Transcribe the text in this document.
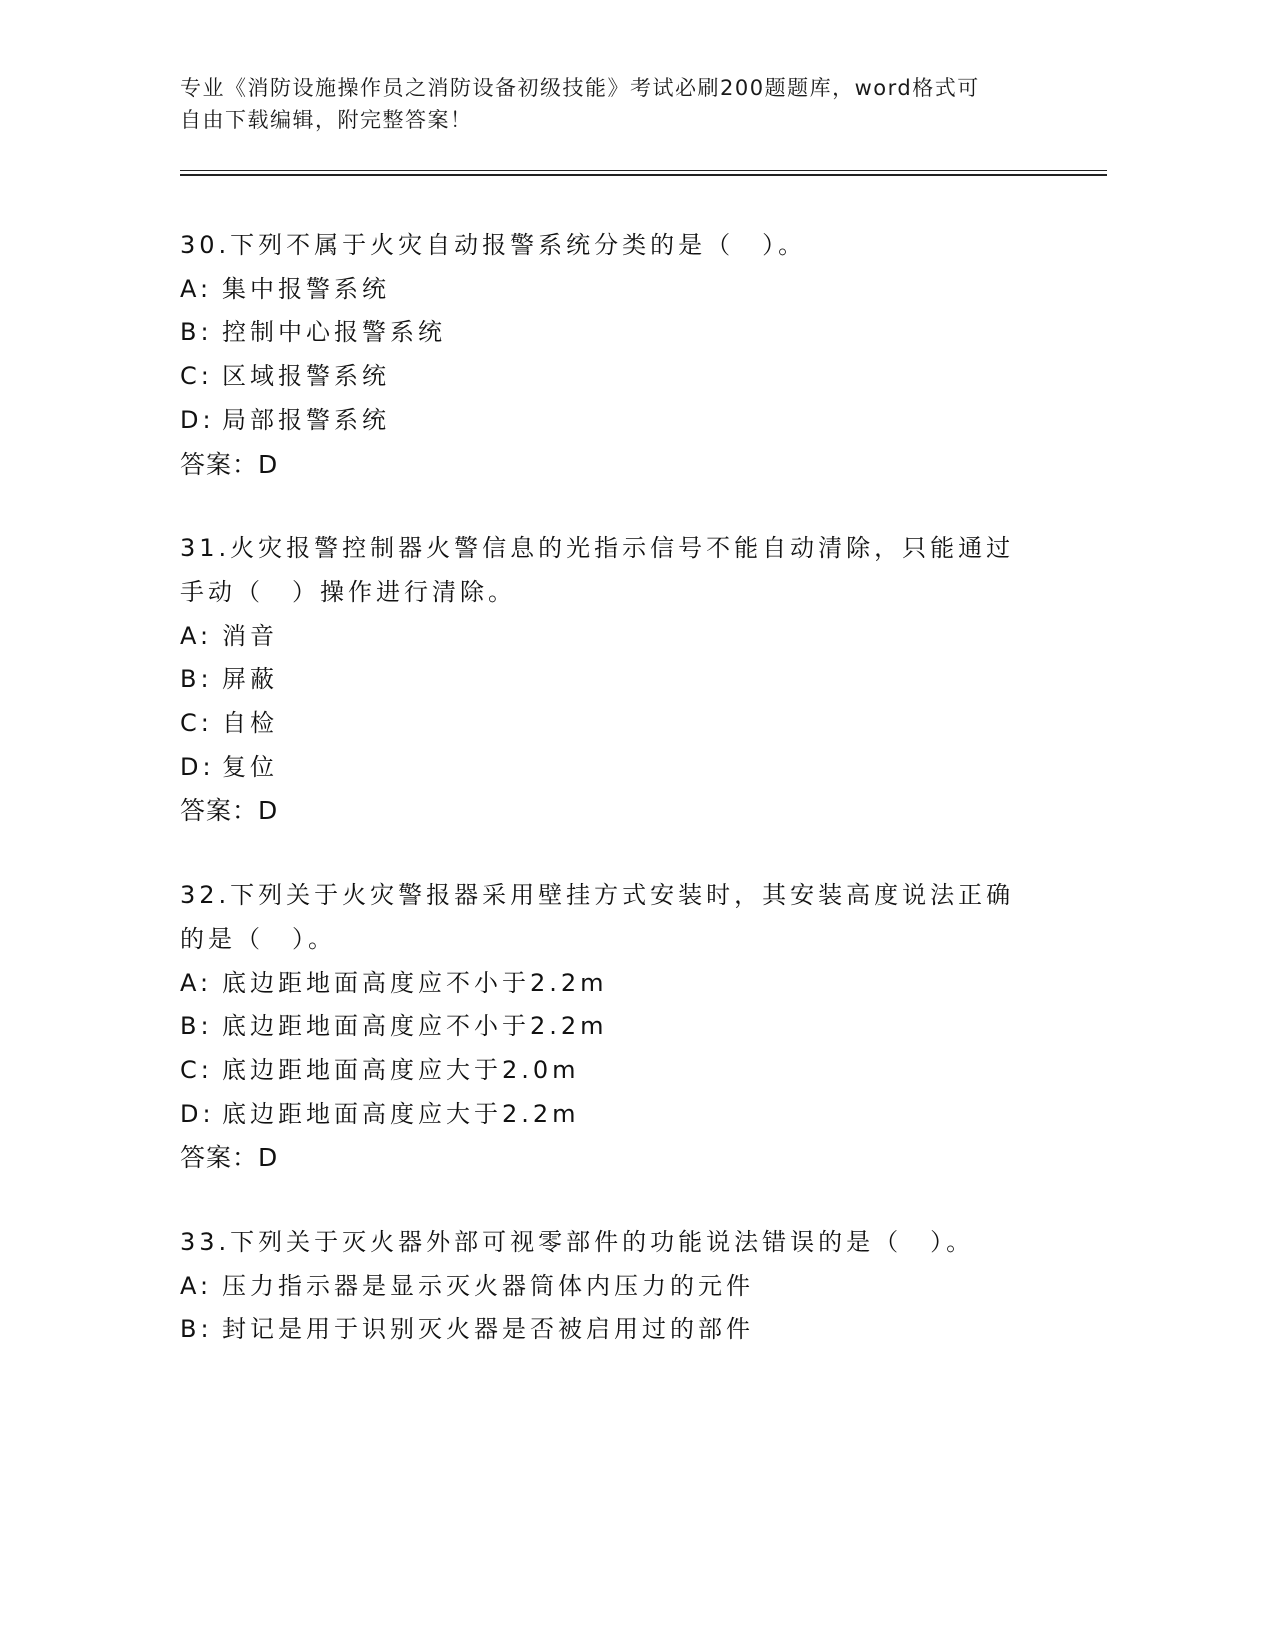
专业《消防设施操作员之消防设备初级技能》考试必刷200题题库，word格式可
自由下载编辑，附完整答案！
30.下列不属于火灾自动报警系统分类的是（　）。
A: 集中报警系统
B: 控制中心报警系统
C: 区域报警系统
D: 局部报警系统
答案：D
31.火灾报警控制器火警信息的光指示信号不能自动清除，只能通过手动（　）操作进行清除。
A: 消音
B: 屏蔽
C: 自检
D: 复位
答案：D
32.下列关于火灾警报器采用壁挂方式安装时，其安装高度说法正确的是（　）。
A: 底边距地面高度应不小于2.2m
B: 底边距地面高度应不小于2.2m
C: 底边距地面高度应大于2.0m
D: 底边距地面高度应大于2.2m
答案：D
33.下列关于灭火器外部可视零部件的功能说法错误的是（　）。
A: 压力指示器是显示灭火器筒体内压力的元件
B: 封记是用于识别灭火器是否被启用过的部件
